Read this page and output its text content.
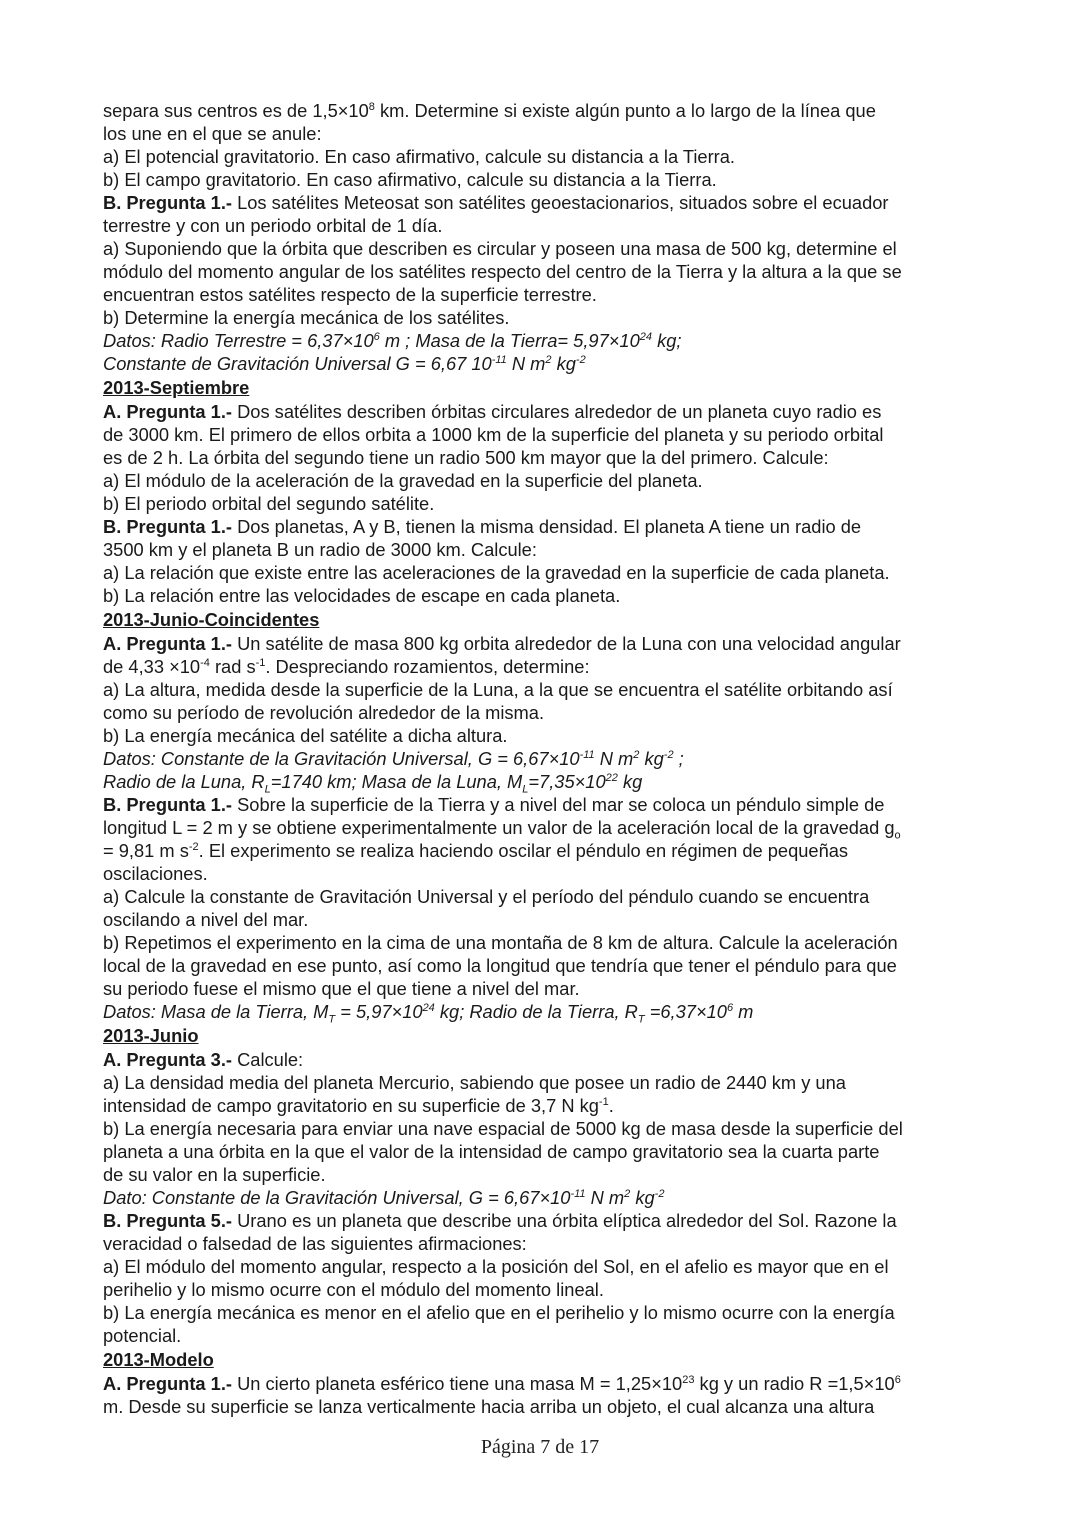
separa sus centros es de $1,5\times 10^8$ km. Determine si existe algún punto a lo largo de la línea que
los une en el que se anule:
a) El potencial gravitatorio. En caso afirmativo, calcule su distancia a la Tierra.
b) El campo gravitatorio. En caso afirmativo, calcule su distancia a la Tierra.
B. Pregunta 1.- Los satélites Meteosat son satélites geoestacionarios, situados sobre el ecuador
terrestre y con un periodo orbital de 1 día.
a) Suponiendo que la órbita que describen es circular y poseen una masa de 500 kg, determine el
módulo del momento angular de los satélites respecto del centro de la Tierra y la altura a la que se
encuentran estos satélites respecto de la superficie terrestre.
b) Determine la energía mecánica de los satélites.
Datos: Radio Terrestre = $6,37\times 10^6$ m ; Masa de la Tierra= $5,97\times 10^{24}$ kg;
Constante de Gravitación Universal G = 6,67 $10^{-11}$ N $m^2$ $kg^{-2}$
2013-Septiembre
A. Pregunta 1.- Dos satélites describen órbitas circulares alrededor de un planeta cuyo radio es
de 3000 km. El primero de ellos orbita a 1000 km de la superficie del planeta y su periodo orbital
es de 2 h. La órbita del segundo tiene un radio 500 km mayor que la del primero. Calcule:
a) El módulo de la aceleración de la gravedad en la superficie del planeta.
b) El periodo orbital del segundo satélite.
B. Pregunta 1.- Dos planetas, A y B, tienen la misma densidad. El planeta A tiene un radio de
3500 km y el planeta B un radio de 3000 km. Calcule:
a) La relación que existe entre las aceleraciones de la gravedad en la superficie de cada planeta.
b) La relación entre las velocidades de escape en cada planeta.
2013-Junio-Coincidentes
A. Pregunta 1.- Un satélite de masa 800 kg orbita alrededor de la Luna con una velocidad angular
de $4,33 \times 10^{-4}$ rad $s^{-1}$. Despreciando rozamientos, determine:
a) La altura, medida desde la superficie de la Luna, a la que se encuentra el satélite orbitando así
como su período de revolución alrededor de la misma.
b) La energía mecánica del satélite a dicha altura.
Datos: Constante de la Gravitación Universal, $G = 6,67\times 10^{-11}$ N $m^2$ $kg^{-2}$ ;
Radio de la Luna, $R_L=1740$ km; Masa de la Luna, $M_L=7,35\times 10^{22}$ kg
B. Pregunta 1.- Sobre la superficie de la Tierra y a nivel del mar se coloca un péndulo simple de
longitud L = 2 m y se obtiene experimentalmente un valor de la aceleración local de la gravedad $g_o$
= 9,81 m $s^{-2}$. El experimento se realiza haciendo oscilar el péndulo en régimen de pequeñas
oscilaciones.
a) Calcule la constante de Gravitación Universal y el período del péndulo cuando se encuentra
oscilando a nivel del mar.
b) Repetimos el experimento en la cima de una montaña de 8 km de altura. Calcule la aceleración
local de la gravedad en ese punto, así como la longitud que tendría que tener el péndulo para que
su periodo fuese el mismo que el que tiene a nivel del mar.
Datos: Masa de la Tierra, $M_T = 5,97\times 10^{24}$ kg; Radio de la Tierra, $R_T =6,37\times 10^6$ m
2013-Junio
A. Pregunta 3.- Calcule:
a) La densidad media del planeta Mercurio, sabiendo que posee un radio de 2440 km y una
intensidad de campo gravitatorio en su superficie de 3,7 N $kg^{-1}$.
b) La energía necesaria para enviar una nave espacial de 5000 kg de masa desde la superficie del
planeta a una órbita en la que el valor de la intensidad de campo gravitatorio sea la cuarta parte
de su valor en la superficie.
Dato: Constante de la Gravitación Universal, $G = 6,67\times 10^{-11}$ N $m^2$ $kg^{-2}$
B. Pregunta 5.- Urano es un planeta que describe una órbita elíptica alrededor del Sol. Razone la
veracidad o falsedad de las siguientes afirmaciones:
a) El módulo del momento angular, respecto a la posición del Sol, en el afelio es mayor que en el
perihelio y lo mismo ocurre con el módulo del momento lineal.
b) La energía mecánica es menor en el afelio que en el perihelio y lo mismo ocurre con la energía
potencial.
2013-Modelo
A. Pregunta 1.- Un cierto planeta esférico tiene una masa $M = 1,25\times 10^{23}$ kg y un radio $R =1,5\times 10^6$
m. Desde su superficie se lanza verticalmente hacia arriba un objeto, el cual alcanza una altura
Página 7 de 17
